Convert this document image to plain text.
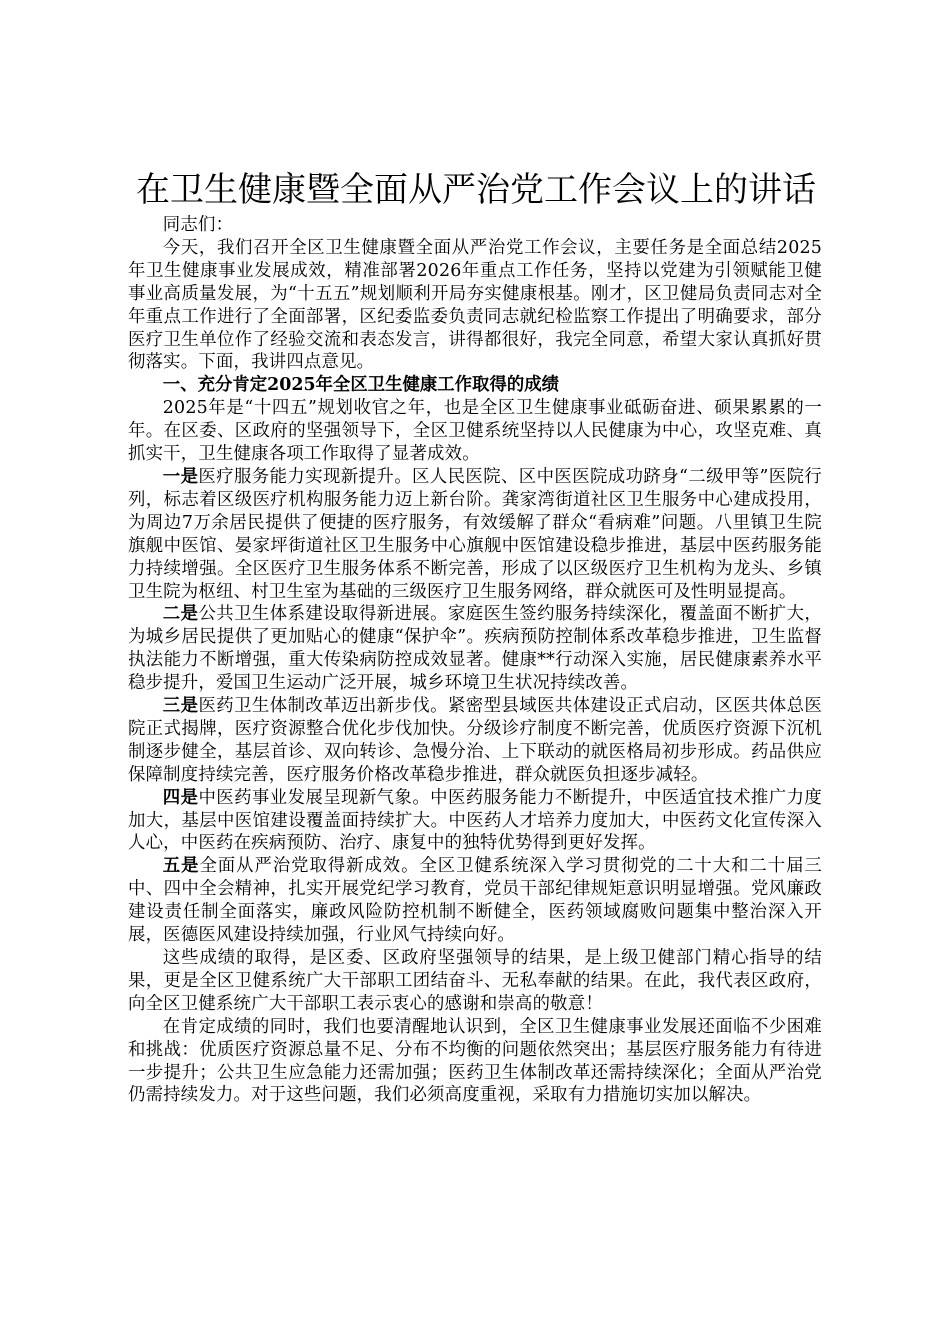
在卫生健康暨全面从严治党工作会议上的讲话

同志们：

今天，我们召开全区卫生健康暨全面从严治党工作会议，主要任务是全面总结2025年卫生健康事业发展成效，精准部署2026年重点工作任务，坚持以党建为引领赋能卫健事业高质量发展，为“十五五”规划顺利开局夯实健康根基。刚才，区卫健局负责同志对全年重点工作进行了全面部署，区纪委监委负责同志就纪检监察工作提出了明确要求，部分医疗卫生单位作了经验交流和表态发言，讲得都很好，我完全同意，希望大家认真抓好贯彻落实。下面，我讲四点意见。

一、充分肯定2025年全区卫生健康工作取得的成绩

2025年是“十四五”规划收官之年，也是全区卫生健康事业砥砺奋进、硕果累累的一年。在区委、区政府的坚强领导下，全区卫健系统坚持以人民健康为中心，攻坚克难、真抓实干，卫生健康各项工作取得了显著成效。

一是医疗服务能力实现新提升。区人民医院、区中医医院成功跻身“二级甲等”医院行列，标志着区级医疗机构服务能力迈上新台阶。龚家湾街道社区卫生服务中心建成投用，为周边7万余居民提供了便捷的医疗服务，有效缓解了群众“看病难”问题。八里镇卫生院旗舰中医馆、晏家坪街道社区卫生服务中心旗舰中医馆建设稳步推进，基层中医药服务能力持续增强。全区医疗卫生服务体系不断完善，形成了以区级医疗卫生机构为龙头、乡镇卫生院为枢纽、村卫生室为基础的三级医疗卫生服务网络，群众就医可及性明显提高。

二是公共卫生体系建设取得新进展。家庭医生签约服务持续深化，覆盖面不断扩大，为城乡居民提供了更加贴心的健康“保护伞”。疾病预防控制体系改革稳步推进，卫生监督执法能力不断增强，重大传染病防控成效显著。健康**行动深入实施，居民健康素养水平稳步提升，爱国卫生运动广泛开展，城乡环境卫生状况持续改善。

三是医药卫生体制改革迈出新步伐。紧密型县域医共体建设正式启动，区医共体总医院正式揭牌，医疗资源整合优化步伐加快。分级诊疗制度不断完善，优质医疗资源下沉机制逐步健全，基层首诊、双向转诊、急慢分治、上下联动的就医格局初步形成。药品供应保障制度持续完善，医疗服务价格改革稳步推进，群众就医负担逐步减轻。

四是中医药事业发展呈现新气象。中医药服务能力不断提升，中医适宜技术推广力度加大，基层中医馆建设覆盖面持续扩大。中医药人才培养力度加大，中医药文化宣传深入人心，中医药在疾病预防、治疗、康复中的独特优势得到更好发挥。

五是全面从严治党取得新成效。全区卫健系统深入学习贯彻党的二十大和二十届三中、四中全会精神，扎实开展党纪学习教育，党员干部纪律规矩意识明显增强。党风廉政建设责任制全面落实，廉政风险防控机制不断健全，医药领域腐败问题集中整治深入开展，医德医风建设持续加强，行业风气持续向好。

这些成绩的取得，是区委、区政府坚强领导的结果，是上级卫健部门精心指导的结果，更是全区卫健系统广大干部职工团结奋斗、无私奉献的结果。在此，我代表区政府，向全区卫健系统广大干部职工表示衷心的感谢和崇高的敬意！

在肯定成绩的同时，我们也要清醒地认识到，全区卫生健康事业发展还面临不少困难和挑战：优质医疗资源总量不足、分布不均衡的问题依然突出；基层医疗服务能力有待进一步提升；公共卫生应急能力还需加强；医药卫生体制改革还需持续深化；全面从严治党仍需持续发力。对于这些问题，我们必须高度重视，采取有力措施切实加以解决。
